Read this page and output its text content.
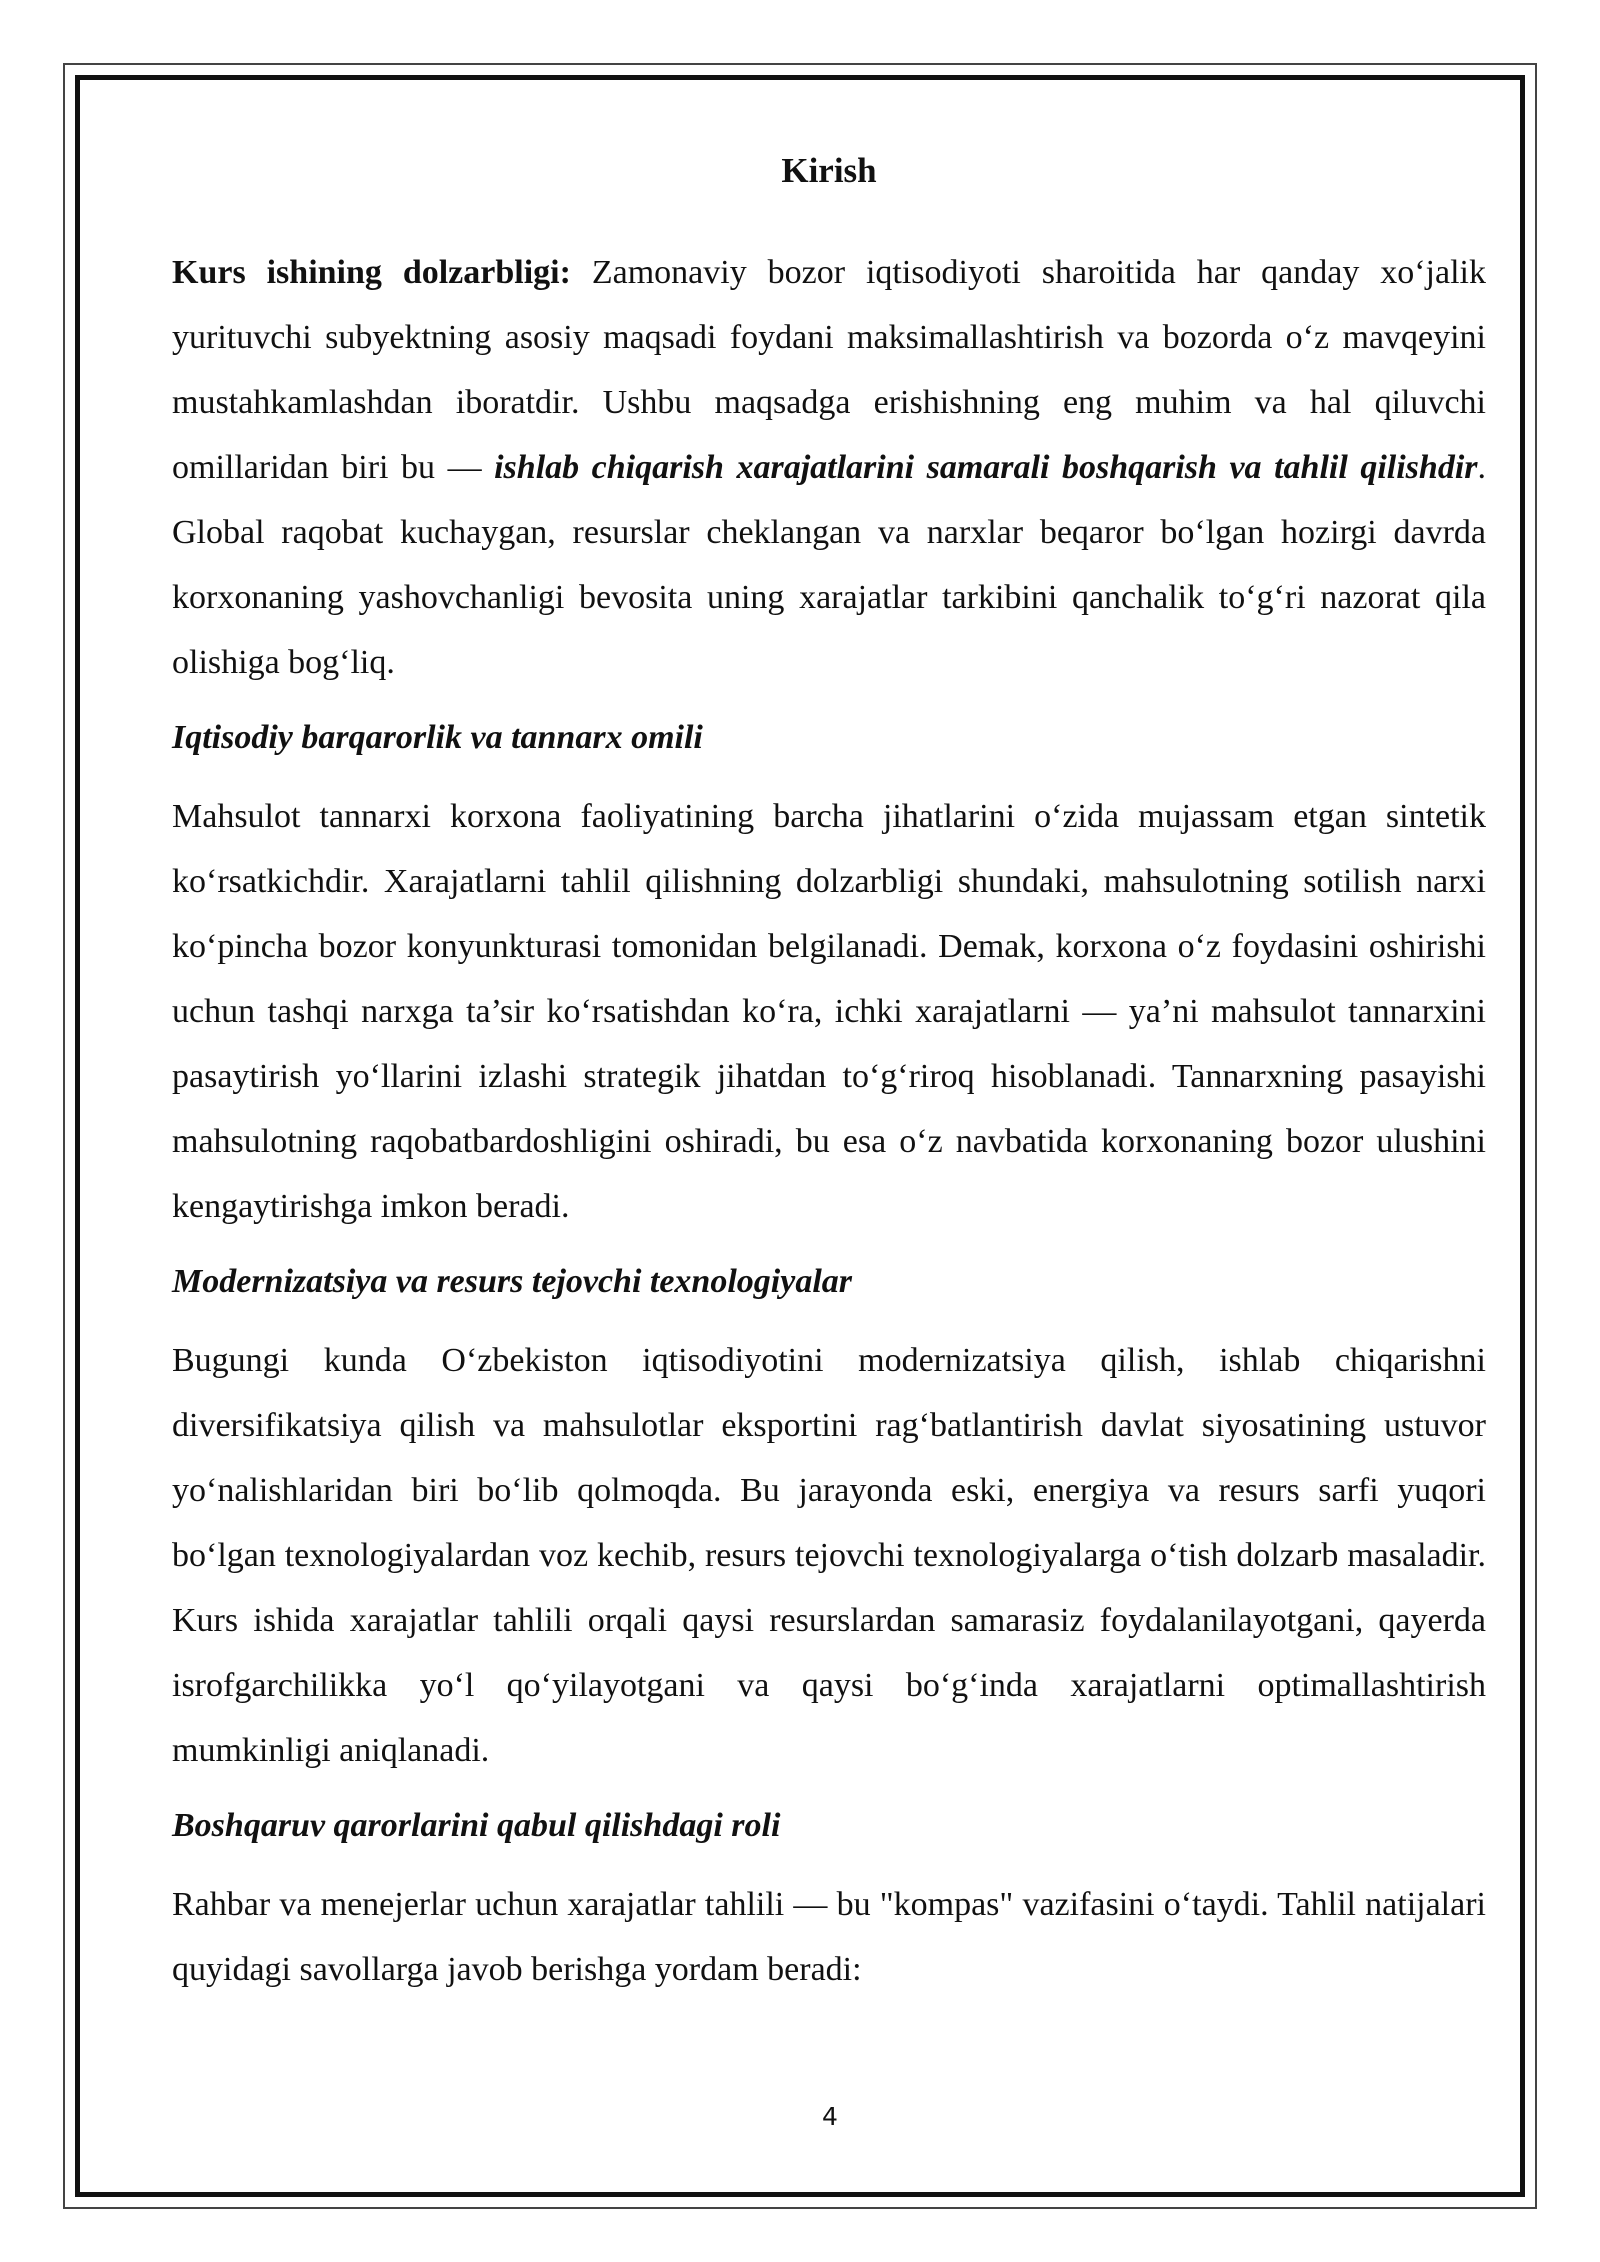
Kirish

Kurs ishining dolzarbligi: Zamonaviy bozor iqtisodiyoti sharoitida har qanday xo‘jalik yurituvchi subyektning asosiy maqsadi foydani maksimallashtirish va bozorda o‘z mavqeyini mustahkamlashdan iboratdir. Ushbu maqsadga erishishning eng muhim va hal qiluvchi omillaridan biri bu — ishlab chiqarish xarajatlarini samarali boshqarish va tahlil qilishdir. Global raqobat kuchaygan, resurslar cheklangan va narxlar beqaror bo‘lgan hozirgi davrda korxonaning yashovchanligi bevosita uning xarajatlar tarkibini qanchalik to‘g‘ri nazorat qila olishiga bog‘liq.

Iqtisodiy barqarorlik va tannarx omili

Mahsulot tannarxi korxona faoliyatining barcha jihatlarini o‘zida mujassam etgan sintetik ko‘rsatkichdir. Xarajatlarni tahlil qilishning dolzarbligi shundaki, mahsulotning sotilish narxi ko‘pincha bozor konyunkturasi tomonidan belgilanadi. Demak, korxona o‘z foydasini oshirishi uchun tashqi narxga ta’sir ko‘rsatishdan ko‘ra, ichki xarajatlarni — ya’ni mahsulot tannarxini pasaytirish yo‘llarini izlashi strategik jihatdan to‘g‘riroq hisoblanadi. Tannarxning pasayishi mahsulotning raqobatbardoshligini oshiradi, bu esa o‘z navbatida korxonaning bozor ulushini kengaytirishga imkon beradi.

Modernizatsiya va resurs tejovchi texnologiyalar

Bugungi kunda O‘zbekiston iqtisodiyotini modernizatsiya qilish, ishlab chiqarishni diversifikatsiya qilish va mahsulotlar eksportini rag‘batlantirish davlat siyosatining ustuvor yo‘nalishlaridan biri bo‘lib qolmoqda. Bu jarayonda eski, energiya va resurs sarfi yuqori bo‘lgan texnologiyalardan voz kechib, resurs tejovchi texnologiyalarga o‘tish dolzarb masaladir. Kurs ishida xarajatlar tahlili orqali qaysi resurslardan samarasiz foydalanilayotgani, qayerda isrofgarchilikka yo‘l qo‘yilayotgani va qaysi bo‘g‘inda xarajatlarni optimallashtirish mumkinligi aniqlanadi.

Boshqaruv qarorlarini qabul qilishdagi roli

Rahbar va menejerlar uchun xarajatlar tahlili — bu "kompas" vazifasini o‘taydi. Tahlil natijalari quyidagi savollarga javob berishga yordam beradi:

4
